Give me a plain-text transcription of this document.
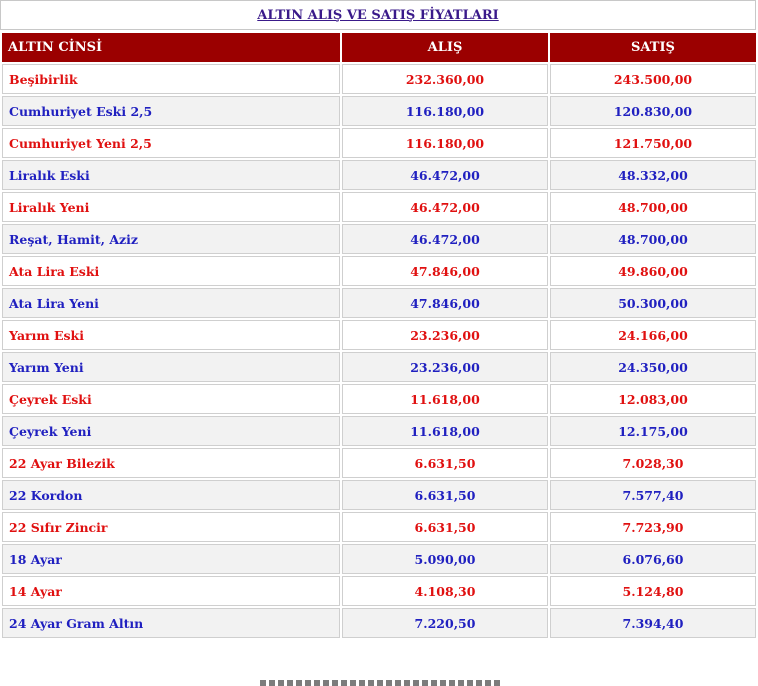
ALTIN ALIŞ VE SATIŞ FİYATLARI
ALTIN CİNSİ	ALIŞ	SATIŞ
Beşibirlik	232.360,00	243.500,00
Cumhuriyet Eski 2,5	116.180,00	120.830,00
Cumhuriyet Yeni 2,5	116.180,00	121.750,00
Liralık Eski	46.472,00	48.332,00
Liralık Yeni	46.472,00	48.700,00
Reşat, Hamit, Aziz	46.472,00	48.700,00
Ata Lira Eski	47.846,00	49.860,00
Ata Lira Yeni	47.846,00	50.300,00
Yarım Eski	23.236,00	24.166,00
Yarım Yeni	23.236,00	24.350,00
Çeyrek Eski	11.618,00	12.083,00
Çeyrek Yeni	11.618,00	12.175,00
22 Ayar Bilezik	6.631,50	7.028,30
22 Kordon	6.631,50	7.577,40
22 Sıfır Zincir	6.631,50	7.723,90
18 Ayar	5.090,00	6.076,60
14 Ayar	4.108,30	5.124,80
24 Ayar Gram Altın	7.220,50	7.394,40
